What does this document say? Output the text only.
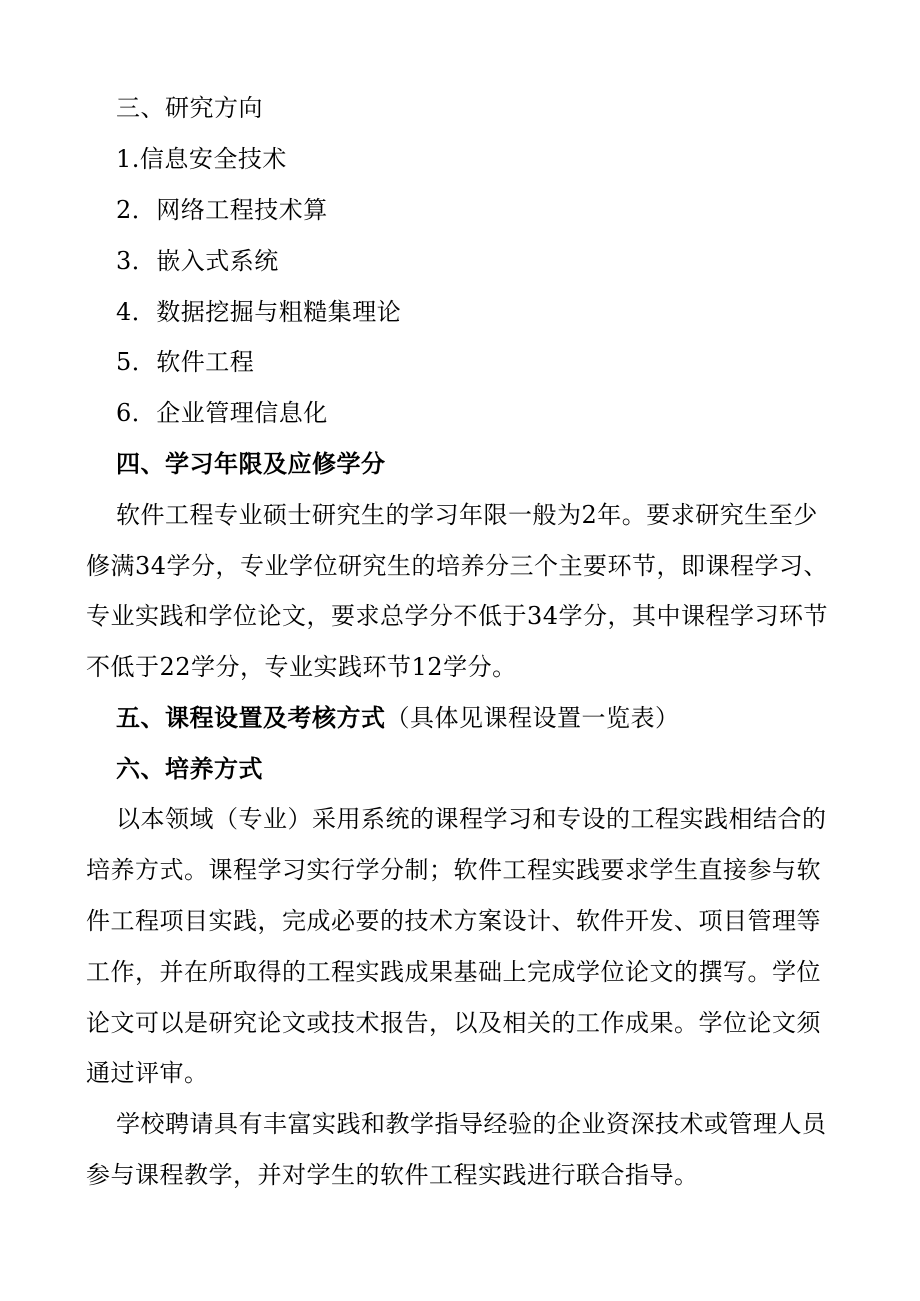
三、研究方向
1.信息安全技术
2．网络工程技术算
3．嵌入式系统
4．数据挖掘与粗糙集理论
5．软件工程
6．企业管理信息化
四、学习年限及应修学分
软件工程专业硕士研究生的学习年限一般为2年。要求研究生至少
修满34学分，专业学位研究生的培养分三个主要环节，即课程学习、
专业实践和学位论文，要求总学分不低于34学分，其中课程学习环节
不低于22学分，专业实践环节12学分。
五、课程设置及考核方式（具体见课程设置一览表）
六、培养方式
以本领域（专业）采用系统的课程学习和专设的工程实践相结合的
培养方式。课程学习实行学分制；软件工程实践要求学生直接参与软
件工程项目实践，完成必要的技术方案设计、软件开发、项目管理等
工作，并在所取得的工程实践成果基础上完成学位论文的撰写。学位
论文可以是研究论文或技术报告，以及相关的工作成果。学位论文须
通过评审。
学校聘请具有丰富实践和教学指导经验的企业资深技术或管理人员
参与课程教学，并对学生的软件工程实践进行联合指导。
